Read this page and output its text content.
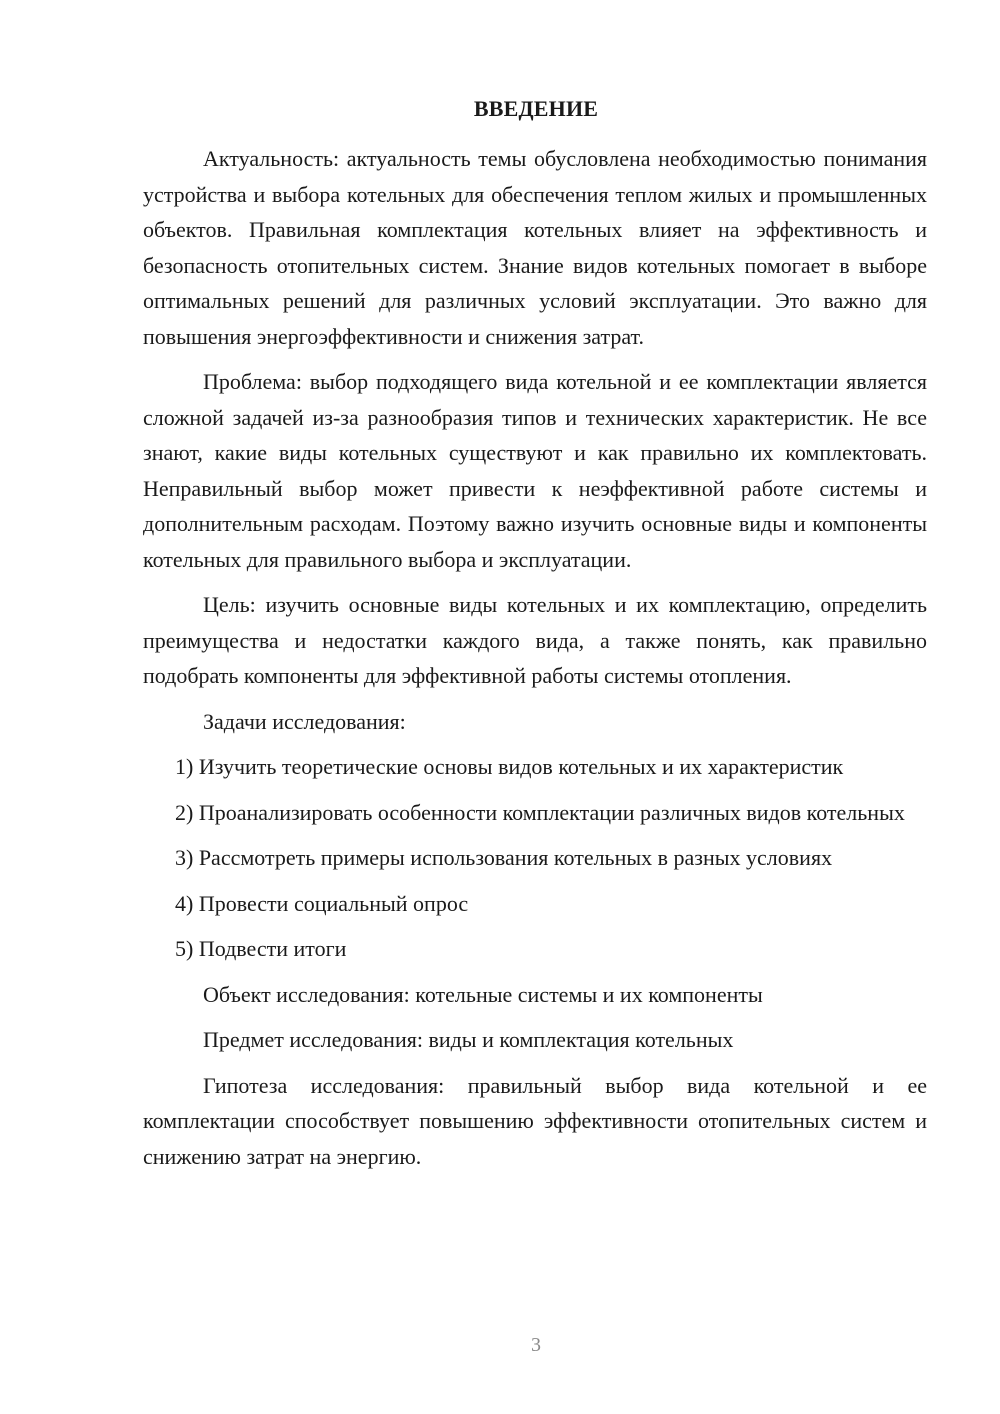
ВВЕДЕНИЕ

Актуальность: актуальность темы обусловлена необходимостью понимания устройства и выбора котельных для обеспечения теплом жилых и промышленных объектов. Правильная комплектация котельных влияет на эффективность и безопасность отопительных систем. Знание видов котельных помогает в выборе оптимальных решений для различных условий эксплуатации. Это важно для повышения энергоэффективности и снижения затрат.

Проблема: выбор подходящего вида котельной и ее комплектации является сложной задачей из-за разнообразия типов и технических характеристик. Не все знают, какие виды котельных существуют и как правильно их комплектовать. Неправильный выбор может привести к неэффективной работе системы и дополнительным расходам. Поэтому важно изучить основные виды и компоненты котельных для правильного выбора и эксплуатации.

Цель: изучить основные виды котельных и их комплектацию, определить преимущества и недостатки каждого вида, а также понять, как правильно подобрать компоненты для эффективной работы системы отопления.

Задачи исследования:

1) Изучить теоретические основы видов котельных и их характеристик

2) Проанализировать особенности комплектации различных видов котельных

3) Рассмотреть примеры использования котельных в разных условиях

4) Провести социальный опрос

5) Подвести итоги

Объект исследования: котельные системы и их компоненты

Предмет исследования: виды и комплектация котельных

Гипотеза исследования: правильный выбор вида котельной и ее комплектации способствует повышению эффективности отопительных систем и снижению затрат на энергию.

3
